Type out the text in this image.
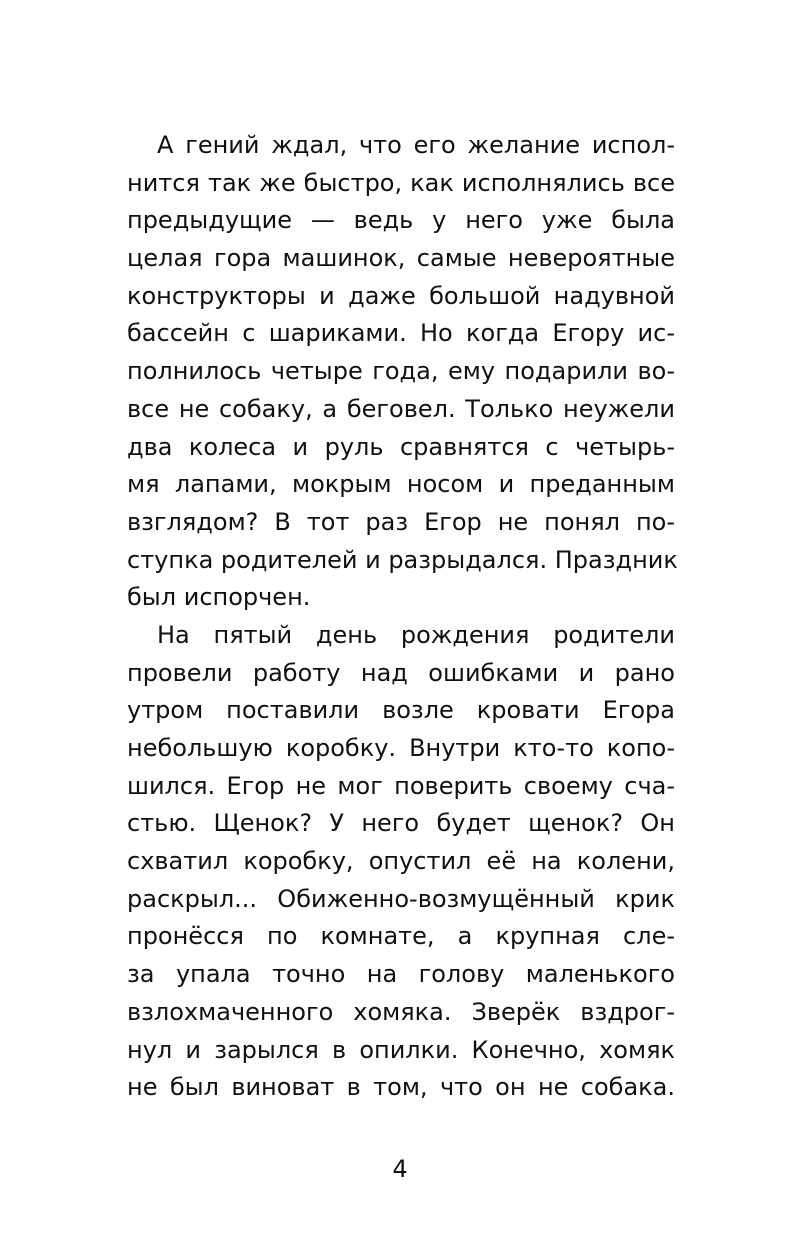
А гений ждал, что его желание испол-
нится так же быстро, как исполнялись все
предыдущие — ведь у него уже была
целая гора машинок, самые невероятные
конструкторы и даже большой надувной
бассейн с шариками. Но когда Егору ис-
полнилось четыре года, ему подарили во-
все не собаку, а беговел. Только неужели
два колеса и руль сравнятся с четырь-
мя лапами, мокрым носом и преданным
взглядом? В тот раз Егор не понял по-
ступка родителей и разрыдался. Праздник
был испорчен.
На пятый день рождения родители
провели работу над ошибками и рано
утром поставили возле кровати Егора
небольшую коробку. Внутри кто-то копо-
шился. Егор не мог поверить своему сча-
стью. Щенок? У него будет щенок? Он
схватил коробку, опустил её на колени,
раскрыл... Обиженно-возмущённый крик
пронёсся по комнате, а крупная сле-
за упала точно на голову маленького
взлохмаченного хомяка. Зверёк вздрог-
нул и зарылся в опилки. Конечно, хомяк
не был виноват в том, что он не собака.
4
